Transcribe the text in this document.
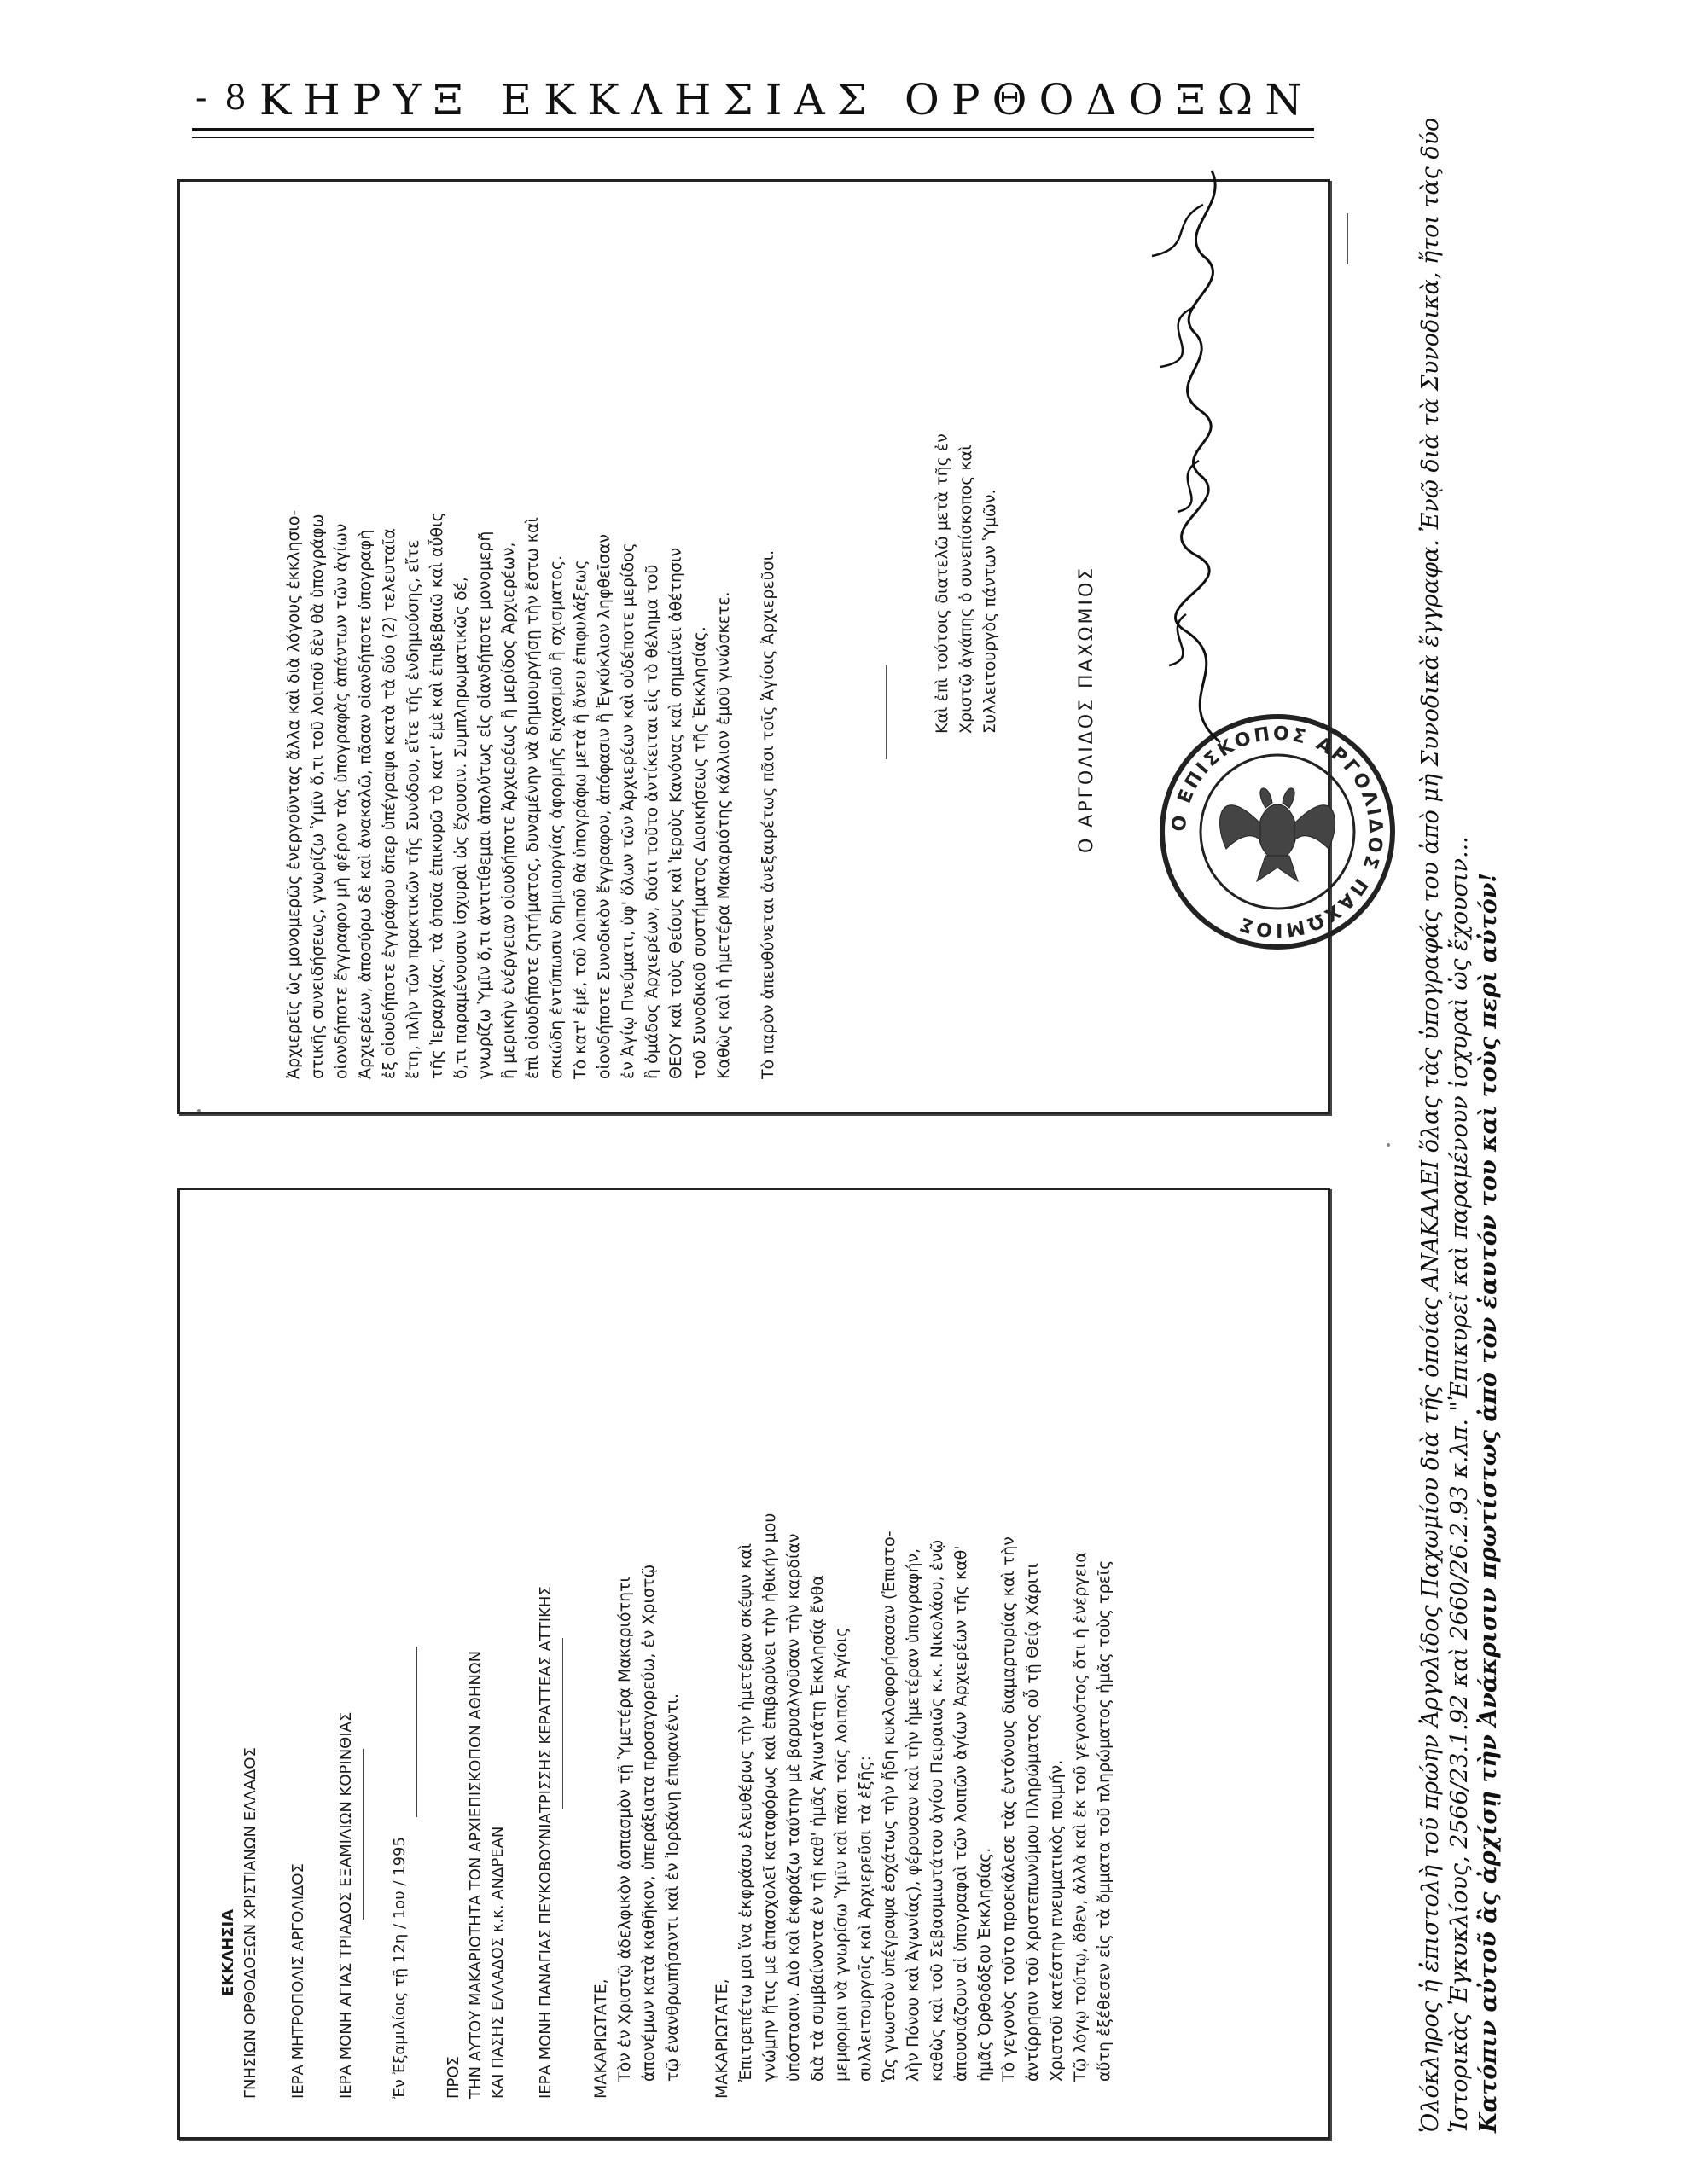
- 8 -
ΚΗΡΥΞ ΕΚΚΛΗΣΙΑΣ ΟΡΘΟΔΟΞΩΝ
ΕΚΚΛΗΣΙΑ ΓΝΗΣΙΩΝ ΟΡΘΟΔΟΞΩΝ ΧΡΙΣΤΙΑΝΩΝ ΕΛΛΑΔΟΣ ΙΕΡΑ ΜΗΤΡΟΠΟΛΙΣ ΑΡΓΟΛΙΔΟΣ ΙΕΡΑ ΜΟΝΗ ΑΓΙΑΣ ΤΡΙΑΔΟΣ ΕΞΑΜΙΛΙΩΝ ΚΟΡΙΝΘΙΑΣ Ἐν Ἐξαμιλίοις τῇ 12η / 1ου / 1995 ΠΡΟΣ ΤΗΝ ΑΥΤΟΥ ΜΑΚΑΡΙΟΤΗΤΑ ΤΟΝ ΑΡΧΙΕΠΙΣΚΟΠΟΝ ΑΘΗΝΩΝ ΚΑΙ ΠΑΣΗΣ ΕΛΛΑΔΟΣ κ.κ. ΑΝΔΡΕΑΝ ΙΕΡΑ ΜΟΝΗ ΠΑΝΑΓΙΑΣ ΠΕΥΚΟΒΟΥΝΙΑΤΡΙΣΣΗΣ ΚΕΡΑΤΤΕΑΣ ΑΤΤΙΚΗΣ ΜΑΚΑΡΙΩΤΑΤΕ, Τὸν ἐν Χριστῷ ἀδελφικὸν ἀσπασμὸν τῇ Ὑμετέρᾳ Μακαριότητι ἀπονέμων κατὰ καθῆκον, ὑπεράξιατα προσαγορεύω, ἐν Χριστῷ τῷ ἐνανθρωπήσαντι καὶ ἐν Ἰορδάνῃ ἐπιφανέντι. ΜΑΚΑΡΙΩΤΑΤΕ, Ἐπιτρεπέτω μοι ἵνα ἐκφράσω ἐλευθέρως τὴν ἡμετέραν σκέψιν καὶ γνώμην ἥτις με ἀπασχολεῖ καταφόρως καὶ ἐπιβαρύνει τὴν ἠθικήν μου ὑπόστασιν. Διὸ καὶ ἐκφράζω ταύτην μὲ βαρυαλγοῦσαν τὴν καρδίαν διὰ τὰ συμβαίνοντα ἐν τῇ καθ' ἡμᾶς Ἁγιωτάτῃ Ἐκκλησίᾳ ἔνθα μεμφομαι νὰ γνωρίσω Ὑμῖν καὶ πᾶσι τοῖς λοιποῖς Ἁγίοις συλλειτουργοῖς καὶ Ἀρχιερεῦσι τὰ ἑξῆς: Ὡς γνωστὸν ὑπέγραψα ἐσχάτως τὴν ἤδη κυκλοφορήσασαν (Ἐπιστο- λὴν Πόνου καὶ Ἀγωνίας), φέρουσαν καὶ τὴν ἡμετέραν ὑπογραφήν, καθὼς καὶ τοῦ Σεβασμιωτάτου ἁγίου Πειραιῶς κ.κ. Νικολάου, ἐνῷ ἀπουσιάζουν αἱ ὑπογραφαὶ τῶν λοιπῶν ἁγίων Ἀρχιερέων τῆς καθ' ἡμᾶς Ὀρθοδόξου Ἐκκλησίας. Τὸ γεγονὸς τοῦτο προεκάλεσε τὰς ἐντόνους διαμαρτυρίας καὶ τὴν ἀντίρρησιν τοῦ Χριστεπωνύμου Πληρώματος οὗ τῇ Θείᾳ Χάριτι Χριστοῦ κατέστην πνευματικὸς ποιμήν. Τῷ λόγῳ τούτῳ, ὅθεν, ἀλλὰ καὶ ἐκ τοῦ γεγονότος ὅτι ἡ ἐνέργεια αὕτη ἐξέθεσεν εἰς τὰ ὄμματα τοῦ πληρώματος ἡμᾶς τοὺς τρεῖς
Ἀρχιερεῖς ὡς μονομερῶς ἐνεργοῦντας ἄλλα καὶ διὰ λόγους ἐκκλησιο- στικῆς συνειδήσεως, γνωρίζω Ὑμῖν ὅ,τι τοῦ λοιποῦ δὲν θὰ ὑπογράφω οἱονδήποτε ἔγγραφον μὴ φέρον τὰς ὑπογραφὰς ἁπάντων τῶν ἁγίων Ἀρχιερέων, ἀποσύρω δὲ καὶ ἀνακαλῶ, πᾶσαν οἱανδήποτε ὑπογραφὴ ἐξ οἱουδήποτε ἐγγράφου ὅπερ ὑπέγραψα κατὰ τὰ δύο (2) τελευταῖα ἔτη, πλὴν τῶν πρακτικῶν τῆς Συνόδου, εἴτε τῆς ἐνδημούσης, εἴτε τῆς Ἱεραρχίας, τὰ ὁποῖα ἐπικυρῶ τὸ κατ' ἐμὲ καὶ ἐπιβεβαιῶ καὶ αὖθις ὅ,τι παραμένουσιν ἰσχυραὶ ὡς ἔχουσιν. Συμπληρωματικῶς δέ, γνωρίζω Ὑμῖν ὅ,τι ἀντιτίθεμαι ἀπολύτως εἰς οἱανδήποτε μονομερῆ ἢ μερικὴν ἐνέργειαν οἱουδήποτε Ἀρχιερέως ἢ μερίδος Ἀρχιερέων, ἐπὶ οἱουδήποτε ζητήματος, δυναμένην νὰ δημιουργήσῃ τὴν ἔστω καὶ σκιώδη ἐντύπωσιν δημιουργίας ἀφορμῆς διχασμοῦ ἢ σχισματος. Τὸ κατ' ἐμέ, τοῦ λοιποῦ θὰ ὑπογράφω μετὰ ἢ ἄνευ ἐπιφυλάξεως οἱονδήποτε Συνοδικὸν ἔγγραφον, ἀπόφασιν ἢ Ἐγκύκλιον ληφθεῖσαν ἐν Ἁγίῳ Πνεύματι, ὑφ' ὅλων τῶν Ἀρχιερέων καὶ οὐδέποτε μερίδος ἢ ὁμάδος Ἀρχιερέων, διότι τοῦτο ἀντίκειται εἰς τὸ θέλημα τοῦ ΘΕΟΥ καὶ τοὺς Θείους καὶ Ἱεροὺς Κανόνας καὶ σημαίνει ἀθέτησιν τοῦ Συνοδικοῦ συστήματος Διοικήσεως τῆς Ἐκκλησίας. Καθὼς καὶ ἡ ἡμετέρα Μακαριότης κάλλιον ἐμοῦ γινώσκετε. Τὸ παρὸν ἀπευθύνεται ἀνεξαιρέτως πᾶσι τοῖς Ἁγίοις Ἀρχιερεῦσι.	Καὶ ἐπὶ τούτοις διατελῶ μετὰ τῆς ἐν Χριστῷ ἀγάπης ὁ συνεπίσκοπος καὶ Συλλειτουργὸς πάντων Ὑμῶν.	Ο ΑΡΓΟΛΙΔΟΣ ΠΑΧΩΜΙΟΣ	Ο ΕΠΙΣΚΟΠΟΣ ΑΡΓΟΛΙΔΟΣ ΠΑΧΩΜΙΟΣ	Ὁλόκληρος ἡ ἐπιστολὴ τοῦ πρώην Ἀργολίδος Παχωμίου διὰ τῆς ὁποίας ΑΝΑΚΑΛΕΙ ὅλας τὰς ὑπογραφάς του ἀπὸ μὴ Συνοδικὰ ἔγγραφα. Ἐνῷ διὰ τὰ Συνοδικὰ, ἤτοι τὰς δύο Ἱστορικὰς Ἐγκυκλίους, 2566/23.1.92 καὶ 2660/26.2.93 κ.λπ. "Ἐπικυρεῖ καὶ παραμένουν ἰσχυραὶ ὡς ἔχουσιν... Κατόπιν αὐτοῦ ἂς ἀρχίσῃ τὴν Ἀνάκρισιν πρωτίστως ἀπὸ τὸν ἑαυτόν του καὶ τοὺς περὶ αὐτόν!
